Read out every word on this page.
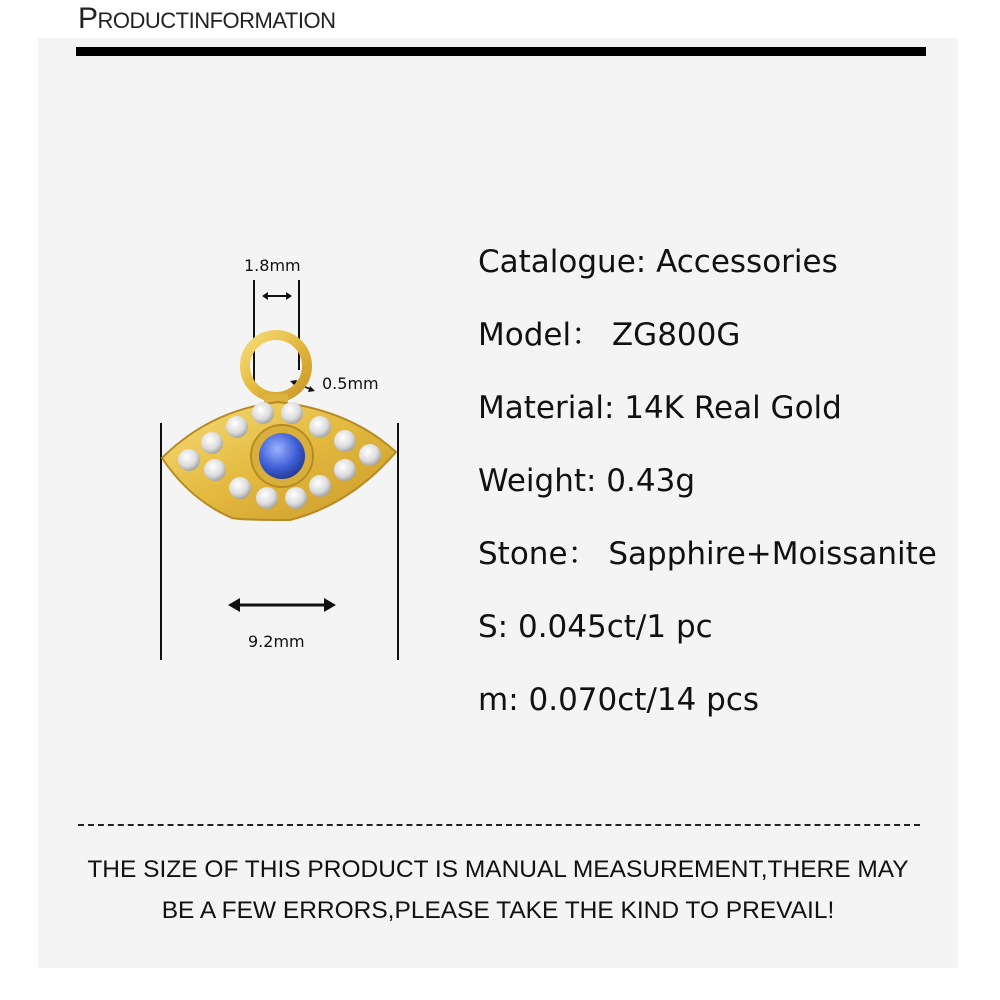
PRODUCTINFORMATION
1.8mm
0.5mm
9.2mm
Catalogue: Accessories
Model： ZG800G
Material: 14K Real Gold
Weight: 0.43g
Stone： Sapphire+Moissanite
S: 0.045ct/1 pc
m: 0.070ct/14 pcs
THE SIZE OF THIS PRODUCT IS MANUAL MEASUREMENT,THERE MAY
BE A FEW ERRORS,PLEASE TAKE THE KIND TO PREVAIL!
